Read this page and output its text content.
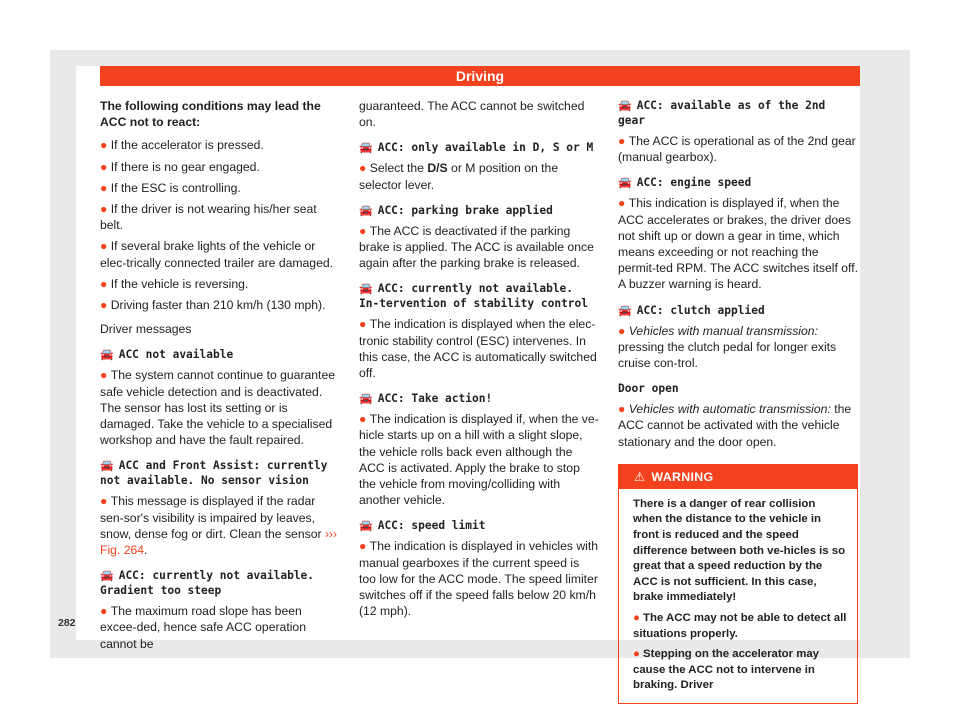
Driving

The following conditions may lead the ACC not to react:

● If the accelerator is pressed.

● If there is no gear engaged.

● If the ESC is controlling.

● If the driver is not wearing his/her seat belt.

● If several brake lights of the vehicle or elec-trically connected trailer are damaged.

● If the vehicle is reversing.

● Driving faster than 210 km/h (130 mph).

Driver messages

🚘 ACC not available

● The system cannot continue to guarantee safe vehicle detection and is deactivated. The sensor has lost its setting or is damaged. Take the vehicle to a specialised workshop and have the fault repaired.

🚘 ACC and Front Assist: currently not available. No sensor vision

● This message is displayed if the radar sen-sor's visibility is impaired by leaves, snow, dense fog or dirt. Clean the sensor ››› Fig. 264.

🚘 ACC: currently not available. Gradient too steep

● The maximum road slope has been excee-ded, hence safe ACC operation cannot be

guaranteed. The ACC cannot be switched on.

🚘 ACC: only available in D, S or M

● Select the D/S or M position on the selector lever.

🚘 ACC: parking brake applied

● The ACC is deactivated if the parking brake is applied. The ACC is available once again after the parking brake is released.

🚘 ACC: currently not available. In-tervention of stability control

● The indication is displayed when the elec-tronic stability control (ESC) intervenes. In this case, the ACC is automatically switched off.

🚘 ACC: Take action!

● The indication is displayed if, when the ve-hicle starts up on a hill with a slight slope, the vehicle rolls back even although the ACC is activated. Apply the brake to stop the vehicle from moving/colliding with another vehicle.

🚘 ACC: speed limit

● The indication is displayed in vehicles with manual gearboxes if the current speed is too low for the ACC mode. The speed limiter switches off if the speed falls below 20 km/h (12 mph).

🚘 ACC: available as of the 2nd gear

● The ACC is operational as of the 2nd gear (manual gearbox).

🚘 ACC: engine speed

● This indication is displayed if, when the ACC accelerates or brakes, the driver does not shift up or down a gear in time, which means exceeding or not reaching the permit-ted RPM. The ACC switches itself off. A buzzer warning is heard.

🚘 ACC: clutch applied

● Vehicles with manual transmission: pressing the clutch pedal for longer exits cruise con-trol.

Door open

● Vehicles with automatic transmission: the ACC cannot be activated with the vehicle stationary and the door open.

⚠ WARNING

There is a danger of rear collision when the distance to the vehicle in front is reduced and the speed difference between both ve-hicles is so great that a speed reduction by the ACC is not sufficient. In this case, brake immediately!

● The ACC may not be able to detect all situations properly.

● Stepping on the accelerator may cause the ACC not to intervene in braking. Driver

282
